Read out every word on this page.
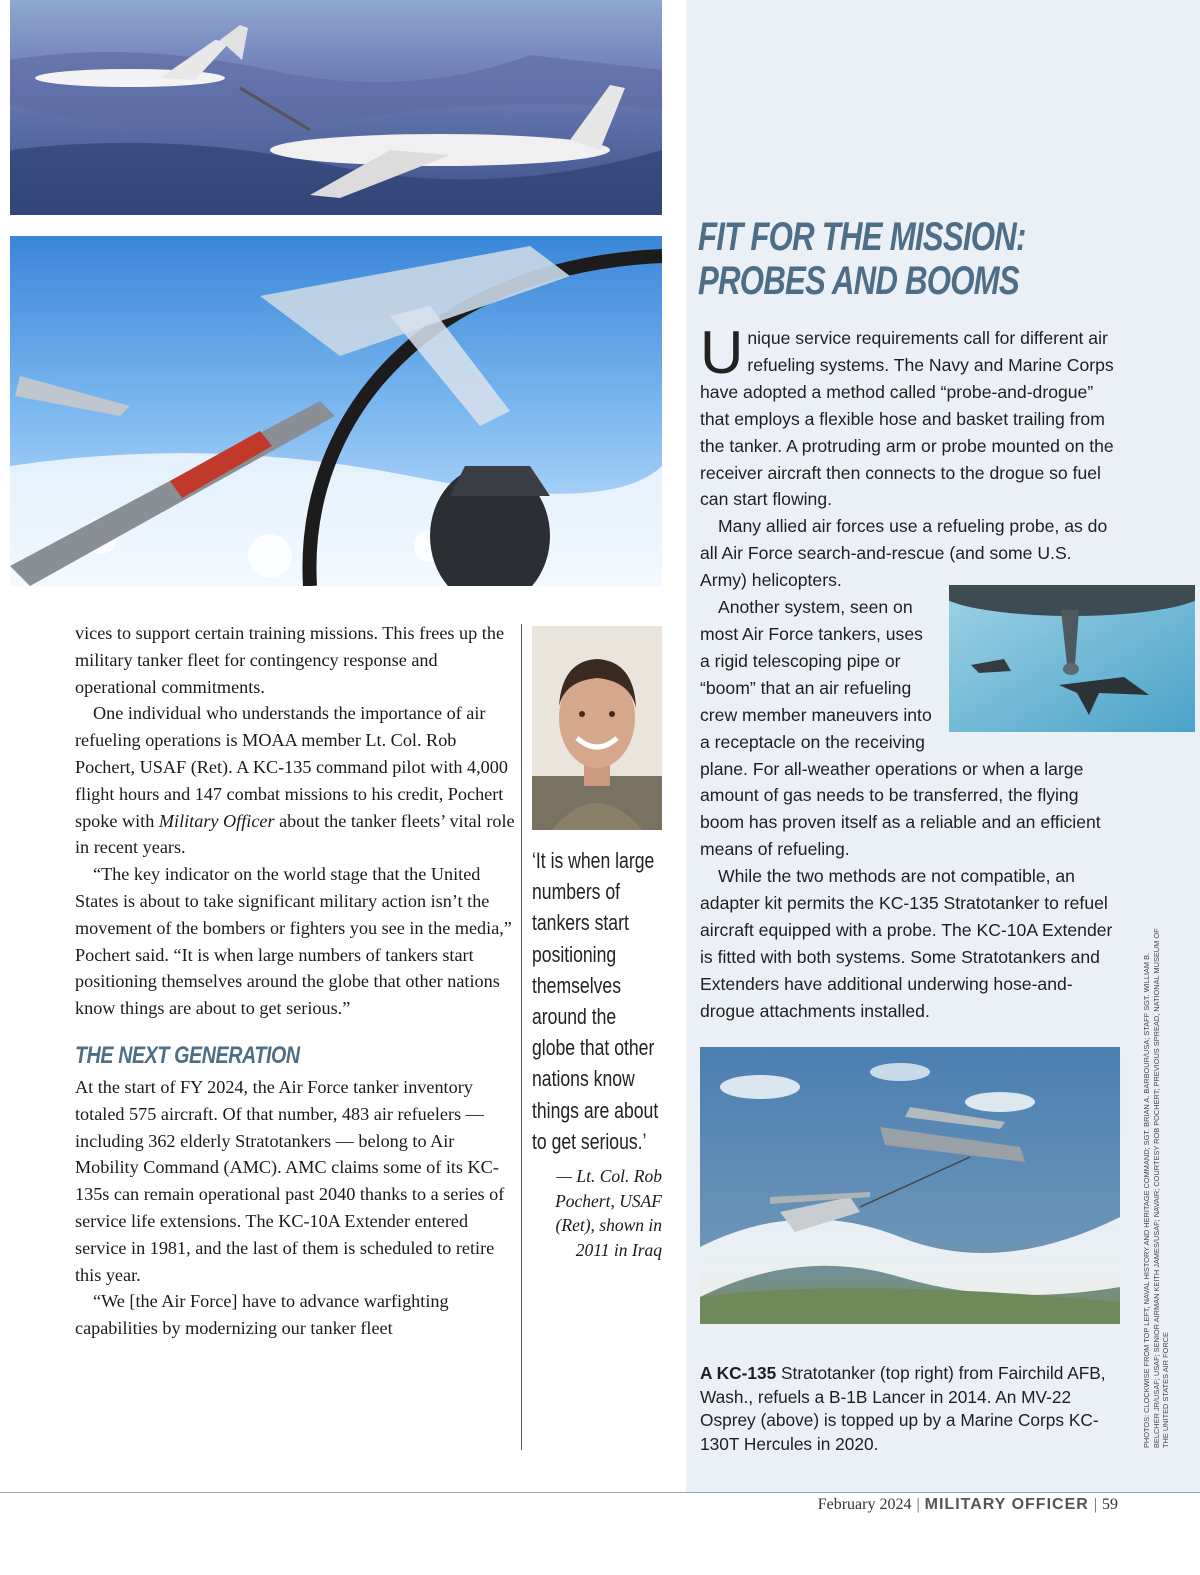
vices to support certain training missions. This frees up the military tanker fleet for contingency response and operational commitments.

One individual who understands the importance of air refueling operations is MOAA member Lt. Col. Rob Pochert, USAF (Ret). A KC-135 command pilot with 4,000 flight hours and 147 combat missions to his credit, Pochert spoke with Military Officer about the tanker fleets’ vital role in recent years.

“The key indicator on the world stage that the United States is about to take significant military action isn’t the movement of the bombers or fighters you see in the media,” Pochert said. “It is when large numbers of tankers start positioning themselves around the globe that other nations know things are about to get serious.”

THE NEXT GENERATION

At the start of FY 2024, the Air Force tanker inventory totaled 575 aircraft. Of that number, 483 air refuelers — including 362 elderly Stratotankers — belong to Air Mobility Command (AMC). AMC claims some of its KC-135s can remain operational past 2040 thanks to a series of service life extensions. The KC-10A Extender entered service in 1981, and the last of them is scheduled to retire this year.

“We [the Air Force] have to advance warfighting capabilities by modernizing our tanker fleet

‘It is when large numbers of tankers start positioning themselves around the globe that other nations know things are about to get serious.’
— Lt. Col. Rob Pochert, USAF (Ret), shown in 2011 in Iraq
FIT FOR THE MISSION:
PROBES AND BOOMS

Unique service requirements call for different air refueling systems. The Navy and Marine Corps have adopted a method called “probe-and-drogue” that employs a flexible hose and basket trailing from the tanker. A protruding arm or probe mounted on the receiver aircraft then connects to the drogue so fuel can start flowing.

Many allied air forces use a refueling probe, as do all Air Force search-and-rescue (and some U.S. Army) helicopters.

Another system, seen on most Air Force tankers, uses a rigid telescoping pipe or “boom” that an air refueling crew member maneuvers into a receptacle on the receiving plane. For all-weather operations or when a large amount of gas needs to be transferred, the flying boom has proven itself as a reliable and an efficient means of refueling.

While the two methods are not compatible, an adapter kit permits the KC-135 Stratotanker to refuel aircraft equipped with a probe. The KC-10A Extender is fitted with both systems. Some Stratotankers and Extenders have additional underwing hose-and-drogue attachments installed.

A KC-135 Stratotanker (top right) from Fairchild AFB, Wash., refuels a B-1B Lancer in 2014. An MV-22 Osprey (above) is topped up by a Marine Corps KC-130T Hercules in 2020.	PHOTOS: CLOCKWISE FROM TOP LEFT, NAVAL HISTORY AND HERITAGE COMMAND; SGT. BRIAN A. BARBOUR/USA; STAFF SGT. WILLIAM B. BELCHER JR/USAF; USAF; SENIOR AIRMAN KEITH JAMES/USAF; NAVAIR; COURTESY ROB POCHERT; PREVIOUS SPREAD, NATIONAL MUSEUM OF THE UNITED STATES AIR FORCE
February 2024 | MILITARY OFFICER | 59
